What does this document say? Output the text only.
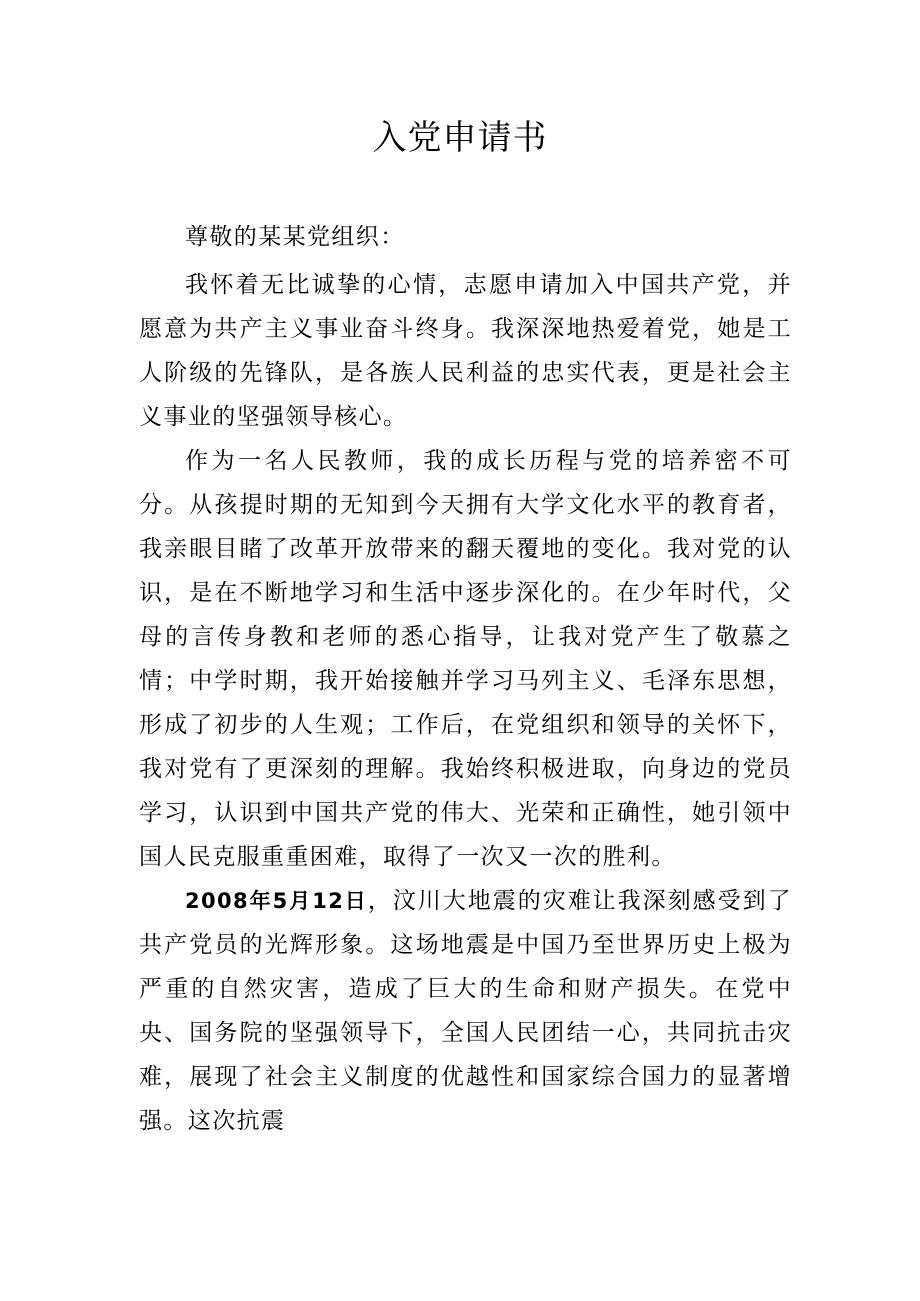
入党申请书

尊敬的某某党组织：

我怀着无比诚挚的心情，志愿申请加入中国共产党，并愿意为共产主义事业奋斗终身。我深深地热爱着党，她是工人阶级的先锋队，是各族人民利益的忠实代表，更是社会主义事业的坚强领导核心。

作为一名人民教师，我的成长历程与党的培养密不可分。从孩提时期的无知到今天拥有大学文化水平的教育者，我亲眼目睹了改革开放带来的翻天覆地的变化。我对党的认识，是在不断地学习和生活中逐步深化的。在少年时代，父母的言传身教和老师的悉心指导，让我对党产生了敬慕之情；中学时期，我开始接触并学习马列主义、毛泽东思想，形成了初步的人生观；工作后，在党组织和领导的关怀下，我对党有了更深刻的理解。我始终积极进取，向身边的党员学习，认识到中国共产党的伟大、光荣和正确性，她引领中国人民克服重重困难，取得了一次又一次的胜利。

2008年5月12日，汶川大地震的灾难让我深刻感受到了共产党员的光辉形象。这场地震是中国乃至世界历史上极为严重的自然灾害，造成了巨大的生命和财产损失。在党中央、国务院的坚强领导下，全国人民团结一心，共同抗击灾难，展现了社会主义制度的优越性和国家综合国力的显著增强。这次抗震
